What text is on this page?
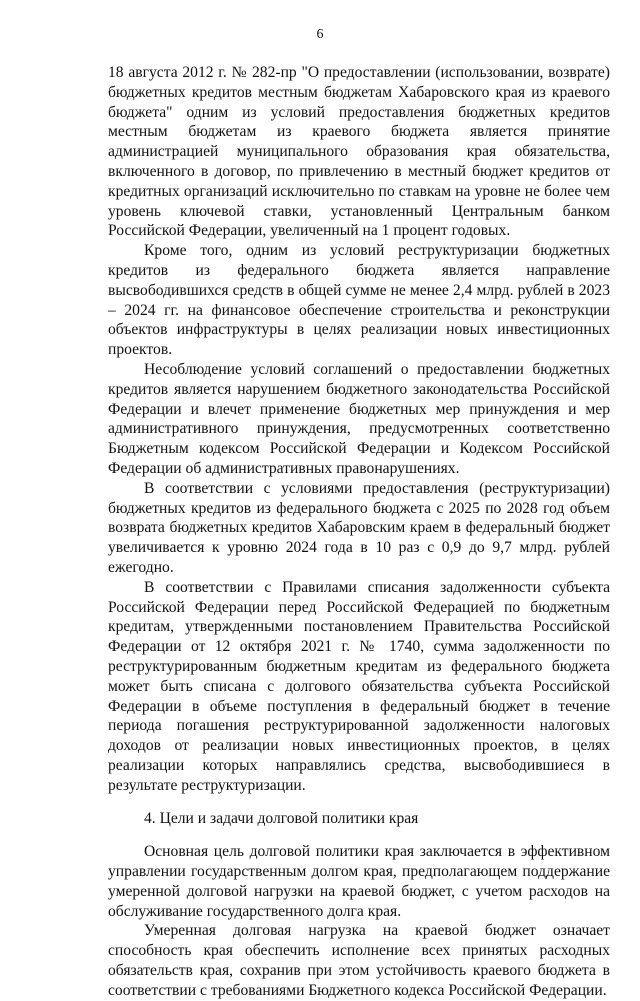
6

18 августа 2012 г. № 282-пр "О предоставлении (использовании, возврате) бюджетных кредитов местным бюджетам Хабаровского края из краевого бюджета" одним из условий предоставления бюджетных кредитов местным бюджетам из краевого бюджета является принятие администрацией муниципального образования края обязательства, включенного в договор, по привлечению в местный бюджет кредитов от кредитных организаций исключительно по ставкам на уровне не более чем уровень ключевой ставки, установленный Центральным банком Российской Федерации, увеличенный на 1 процент годовых.

Кроме того, одним из условий реструктуризации бюджетных кредитов из федерального бюджета является направление высвободившихся средств в общей сумме не менее 2,4 млрд. рублей в 2023 – 2024 гг. на финансовое обеспечение строительства и реконструкции объектов инфраструктуры в целях реализации новых инвестиционных проектов.

Несоблюдение условий соглашений о предоставлении бюджетных кредитов является нарушением бюджетного законодательства Российской Федерации и влечет применение бюджетных мер принуждения и мер административного принуждения, предусмотренных соответственно Бюджетным кодексом Российской Федерации и Кодексом Российской Федерации об административных правонарушениях.

В соответствии с условиями предоставления (реструктуризации) бюджетных кредитов из федерального бюджета с 2025 по 2028 год объем возврата бюджетных кредитов Хабаровским краем в федеральный бюджет увеличивается к уровню 2024 года в 10 раз с 0,9 до 9,7 млрд. рублей ежегодно.

В соответствии с Правилами списания задолженности субъекта Российской Федерации перед Российской Федерацией по бюджетным кредитам, утвержденными постановлением Правительства Российской Федерации от 12 октября 2021 г. № 1740, сумма задолженности по реструктурированным бюджетным кредитам из федерального бюджета может быть списана с долгового обязательства субъекта Российской Федерации в объеме поступления в федеральный бюджет в течение периода погашения реструктурированной задолженности налоговых доходов от реализации новых инвестиционных проектов, в целях реализации которых направлялись средства, высвободившиеся в результате реструктуризации.

4. Цели и задачи долговой политики края

Основная цель долговой политики края заключается в эффективном управлении государственным долгом края, предполагающем поддержание умеренной долговой нагрузки на краевой бюджет, с учетом расходов на обслуживание государственного долга края.

Умеренная долговая нагрузка на краевой бюджет означает способность края обеспечить исполнение всех принятых расходных обязательств края, сохранив при этом устойчивость краевого бюджета в соответствии с требованиями Бюджетного кодекса Российской Федерации.
